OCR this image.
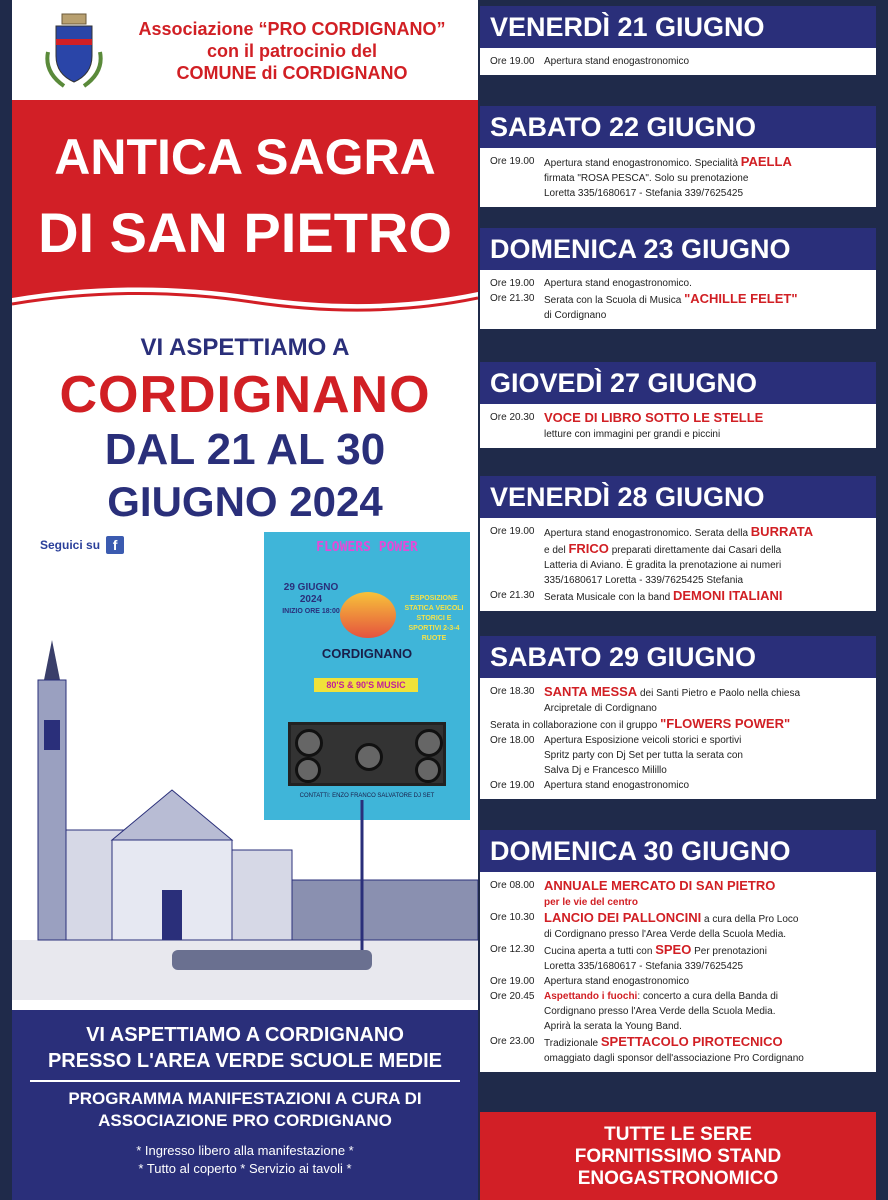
Associazione “PRO CORDIGNANO”
con il patrocinio del
COMUNE di CORDIGNANO
ANTICA SAGRA
DI SAN PIETRO
VI ASPETTIAMO A
CORDIGNANO
DAL 21 AL 30
GIUGNO 2024
Seguici su f	FLOWERS POWER
29 GIUGNO 2024
INIZIO ORE 18:00
ESPOSIZIONE STATICA VEICOLI STORICI E SPORTIVI 2-3-4 RUOTE
CORDIGNANO
80'S & 90'S MUSIC
CONTATTI: ENZO FRANCO SALVATORE DJ SET
VI ASPETTIAMO A CORDIGNANO
PRESSO L'AREA VERDE SCUOLE MEDIE
PROGRAMMA MANIFESTAZIONI A CURA DI
ASSOCIAZIONE PRO CORDIGNANO
* Ingresso libero alla manifestazione *
* Tutto al coperto * Servizio ai tavoli *
VENERDÌ 21 GIUGNO
Ore 19.00 Apertura stand enogastronomico
SABATO 22 GIUGNO
Ore 19.00 Apertura stand enogastronomico. Specialità PAELLA
firmata "ROSA PESCA". Solo su prenotazione
Loretta 335/1680617 - Stefania 339/7625425
DOMENICA 23 GIUGNO
Ore 19.00 Apertura stand enogastronomico.
Ore 21.30 Serata con la Scuola di Musica "ACHILLE FELET"
di Cordignano
GIOVEDÌ 27 GIUGNO
Ore 20.30 VOCE DI LIBRO SOTTO LE STELLE
letture con immagini per grandi e piccini
VENERDÌ 28 GIUGNO
Ore 19.00 Apertura stand enogastronomico. Serata della BURRATA
e del FRICO preparati direttamente dai Casari della
Latteria di Aviano. È gradita la prenotazione ai numeri
335/1680617 Loretta - 339/7625425 Stefania
Ore 21.30 Serata Musicale con la band DEMONI ITALIANI
SABATO 29 GIUGNO
Ore 18.30 SANTA MESSA dei Santi Pietro e Paolo nella chiesa
Arcipretale di Cordignano
Serata in collaborazione con il gruppo "FLOWERS POWER"
Ore 18.00 Apertura Esposizione veicoli storici e sportivi
Spritz party con Dj Set per tutta la serata con
Salva Dj e Francesco Milillo
Ore 19.00 Apertura stand enogastronomico
DOMENICA 30 GIUGNO
Ore 08.00 ANNUALE MERCATO DI SAN PIETRO
per le vie del centro
Ore 10.30 LANCIO DEI PALLONCINI a cura della Pro Loco
di Cordignano presso l'Area Verde della Scuola Media.
Ore 12.30 Cucina aperta a tutti con SPEO Per prenotazioni
Loretta 335/1680617 - Stefania 339/7625425
Ore 19.00 Apertura stand enogastronomico
Ore 20.45 Aspettando i fuochi: concerto a cura della Banda di
Cordignano presso l'Area Verde della Scuola Media.
Aprirà la serata la Young Band.
Ore 23.00 Tradizionale SPETTACOLO PIROTECNICO
omaggiato dagli sponsor dell'associazione Pro Cordignano
TUTTE LE SERE
FORNITISSIMO STAND
ENOGASTRONOMICO
